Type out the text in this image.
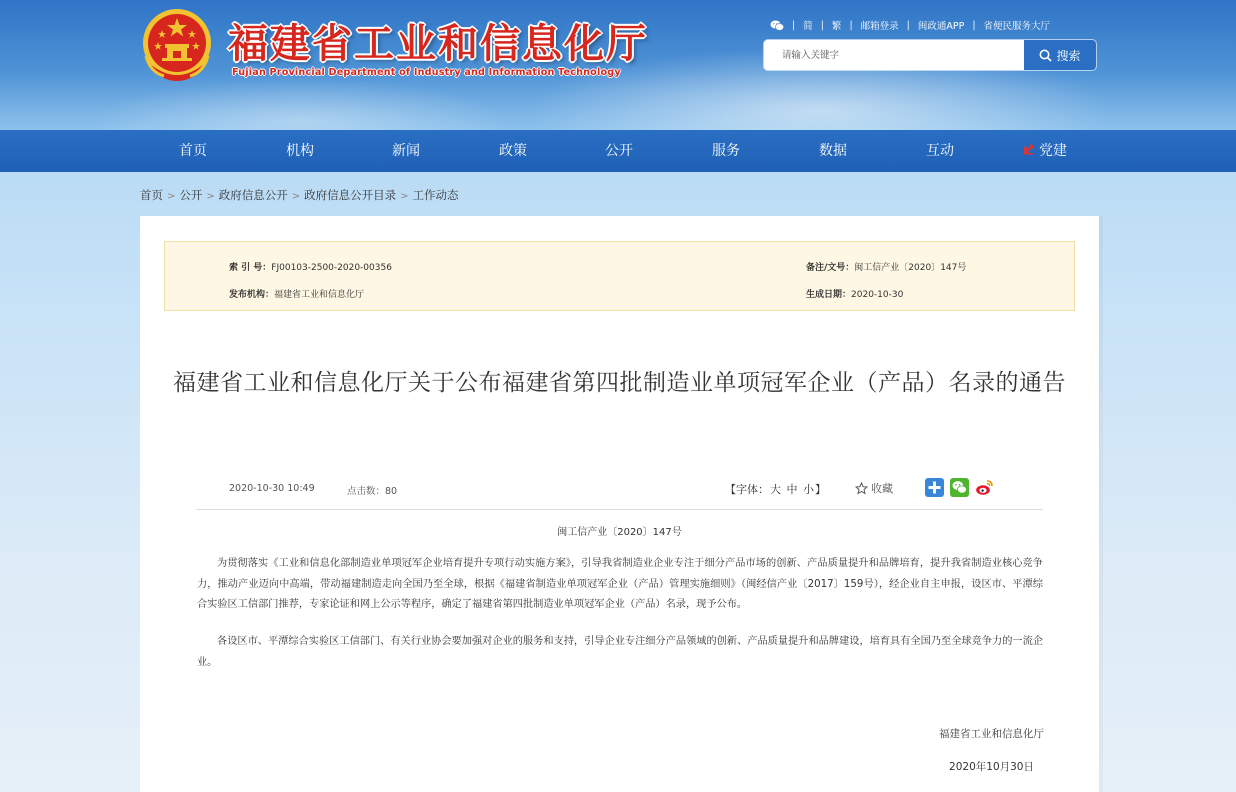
福建省工业和信息化厅
Fujian Provincial Department of Industry and Information Technology
| 简 | 繁 | 邮箱登录 | 闽政通APP | 省便民服务大厅
请输入关键字
搜索
首页	机构	新闻	政策	公开	服务	数据	互动	党建
首页 > 公开 > 政府信息公开 > 政府信息公开目录 > 工作动态
索 引 号：FJ00103-2500-2020-00356
发布机构：福建省工业和信息化厅
备注/文号：闽工信产业〔2020〕147号
生成日期：2020-10-30
福建省工业和信息化厅关于公布福建省第四批制造业单项冠军企业（产品）名录的通告
2020-10-30 10:49	点击数：80	【字体：大 中 小】	收藏
闽工信产业〔2020〕147号
为贯彻落实《工业和信息化部制造业单项冠军企业培育提升专项行动实施方案》，引导我省制造业企业专注于细分产品市场的创新、产品质量提升和品牌培育，提升我省制造业核心竞争力，推动产业迈向中高端，带动福建制造走向全国乃至全球，根据《福建省制造业单项冠军企业（产品）管理实施细则》（闽经信产业〔2017〕159号），经企业自主申报，设区市、平潭综合实验区工信部门推荐，专家论证和网上公示等程序，确定了福建省第四批制造业单项冠军企业（产品）名录，现予公布。
各设区市、平潭综合实验区工信部门、有关行业协会要加强对企业的服务和支持，引导企业专注细分产品领域的创新、产品质量提升和品牌建设，培育具有全国乃至全球竞争力的一流企业。
福建省工业和信息化厅
2020年10月30日
